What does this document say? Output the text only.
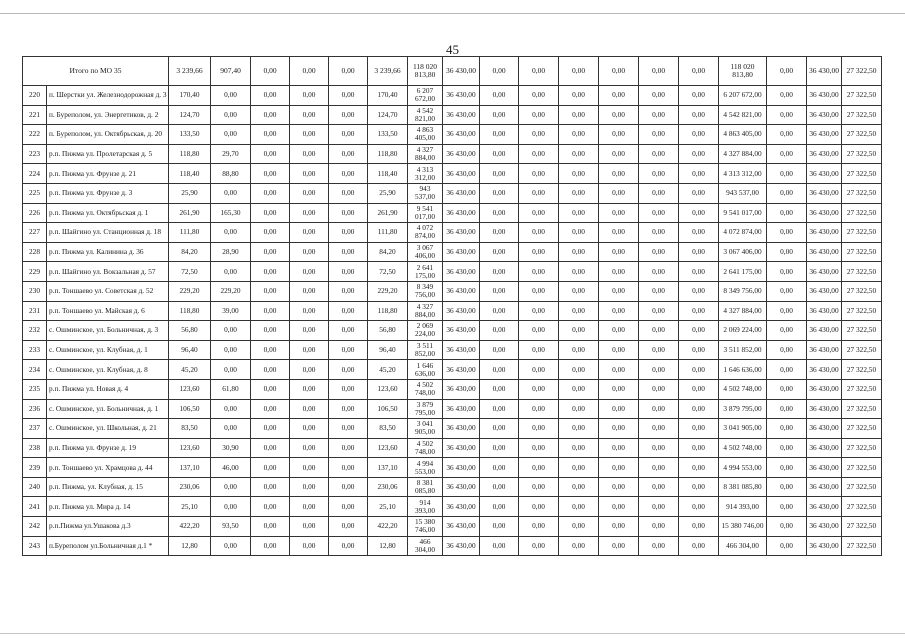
45
Итого по МО 35		3 239,66	907,40	0,00	0,00	0,00	3 239,66	118 020 813,80	36 430,00	0,00	0,00	0,00	0,00	0,00	0,00	118 020 813,80	0,00	36 430,00	27 322,50
220	п. Шерстки ул. Железнодорожная д. 3	170,40	0,00	0,00	0,00	0,00	170,40	6 207 672,00	36 430,00	0,00	0,00	0,00	0,00	0,00	0,00	6 207 672,00	0,00	36 430,00	27 322,50
221	п. Буреполом, ул. Энергетиков, д. 2	124,70	0,00	0,00	0,00	0,00	124,70	4 542 821,00	36 430,00	0,00	0,00	0,00	0,00	0,00	0,00	4 542 821,00	0,00	36 430,00	27 322,50
222	п. Буреполом, ул. Октябрьская, д. 20	133,50	0,00	0,00	0,00	0,00	133,50	4 863 405,00	36 430,00	0,00	0,00	0,00	0,00	0,00	0,00	4 863 405,00	0,00	36 430,00	27 322,50
223	р.п. Пижма ул. Пролетарская д. 5	118,80	29,70	0,00	0,00	0,00	118,80	4 327 884,00	36 430,00	0,00	0,00	0,00	0,00	0,00	0,00	4 327 884,00	0,00	36 430,00	27 322,50
224	р.п. Пижма ул. Фрунзе д. 21	118,40	88,80	0,00	0,00	0,00	118,40	4 313 312,00	36 430,00	0,00	0,00	0,00	0,00	0,00	0,00	4 313 312,00	0,00	36 430,00	27 322,50
225	р.п. Пижма ул. Фрунзе д. 3	25,90	0,00	0,00	0,00	0,00	25,90	943 537,00	36 430,00	0,00	0,00	0,00	0,00	0,00	0,00	943 537,00	0,00	36 430,00	27 322,50
226	р.п. Пижма ул. Октябрьская д. 1	261,90	165,30	0,00	0,00	0,00	261,90	9 541 017,00	36 430,00	0,00	0,00	0,00	0,00	0,00	0,00	9 541 017,00	0,00	36 430,00	27 322,50
227	р.п. Шайгино ул. Станционная д. 18	111,80	0,00	0,00	0,00	0,00	111,80	4 072 874,00	36 430,00	0,00	0,00	0,00	0,00	0,00	0,00	4 072 874,00	0,00	36 430,00	27 322,50
228	р.п. Пижма ул. Калинина д. 36	84,20	28,90	0,00	0,00	0,00	84,20	3 067 406,00	36 430,00	0,00	0,00	0,00	0,00	0,00	0,00	3 067 406,00	0,00	36 430,00	27 322,50
229	р.п. Шайгино ул. Вокзальная д. 57	72,50	0,00	0,00	0,00	0,00	72,50	2 641 175,00	36 430,00	0,00	0,00	0,00	0,00	0,00	0,00	2 641 175,00	0,00	36 430,00	27 322,50
230	р.п. Тоншаево ул. Советская д. 52	229,20	229,20	0,00	0,00	0,00	229,20	8 349 756,00	36 430,00	0,00	0,00	0,00	0,00	0,00	0,00	8 349 756,00	0,00	36 430,00	27 322,50
231	р.п. Тоншаево ул. Майская д. 6	118,80	39,00	0,00	0,00	0,00	118,80	4 327 884,00	36 430,00	0,00	0,00	0,00	0,00	0,00	0,00	4 327 884,00	0,00	36 430,00	27 322,50
232	с. Ошминское, ул. Больничная, д. 3	56,80	0,00	0,00	0,00	0,00	56,80	2 069 224,00	36 430,00	0,00	0,00	0,00	0,00	0,00	0,00	2 069 224,00	0,00	36 430,00	27 322,50
233	с. Ошминское, ул. Клубная, д. 1	96,40	0,00	0,00	0,00	0,00	96,40	3 511 852,00	36 430,00	0,00	0,00	0,00	0,00	0,00	0,00	3 511 852,00	0,00	36 430,00	27 322,50
234	с. Ошминское, ул. Клубная, д. 8	45,20	0,00	0,00	0,00	0,00	45,20	1 646 636,00	36 430,00	0,00	0,00	0,00	0,00	0,00	0,00	1 646 636,00	0,00	36 430,00	27 322,50
235	р.п. Пижма ул. Новая д. 4	123,60	61,80	0,00	0,00	0,00	123,60	4 502 748,00	36 430,00	0,00	0,00	0,00	0,00	0,00	0,00	4 502 748,00	0,00	36 430,00	27 322,50
236	с. Ошминское, ул. Больничная, д. 1	106,50	0,00	0,00	0,00	0,00	106,50	3 879 795,00	36 430,00	0,00	0,00	0,00	0,00	0,00	0,00	3 879 795,00	0,00	36 430,00	27 322,50
237	с. Ошминское, ул. Школьная, д. 21	83,50	0,00	0,00	0,00	0,00	83,50	3 041 905,00	36 430,00	0,00	0,00	0,00	0,00	0,00	0,00	3 041 905,00	0,00	36 430,00	27 322,50
238	р.п. Пижма ул. Фрунзе д. 19	123,60	30,90	0,00	0,00	0,00	123,60	4 502 748,00	36 430,00	0,00	0,00	0,00	0,00	0,00	0,00	4 502 748,00	0,00	36 430,00	27 322,50
239	р.п. Тоншаево ул. Храмцова д. 44	137,10	46,00	0,00	0,00	0,00	137,10	4 994 553,00	36 430,00	0,00	0,00	0,00	0,00	0,00	0,00	4 994 553,00	0,00	36 430,00	27 322,50
240	р.п. Пижма, ул. Клубная, д. 15	230,06	0,00	0,00	0,00	0,00	230,06	8 381 085,80	36 430,00	0,00	0,00	0,00	0,00	0,00	0,00	8 381 085,80	0,00	36 430,00	27 322,50
241	р.п. Пижма ул. Мира д. 14	25,10	0,00	0,00	0,00	0,00	25,10	914 393,00	36 430,00	0,00	0,00	0,00	0,00	0,00	0,00	914 393,00	0,00	36 430,00	27 322,50
242	р.п.Пижма ул.Ушакова д.3	422,20	93,50	0,00	0,00	0,00	422,20	15 380 746,00	36 430,00	0,00	0,00	0,00	0,00	0,00	0,00	15 380 746,00	0,00	36 430,00	27 322,50
243	п.Буреполом ул.Больничная д.1 *	12,80	0,00	0,00	0,00	0,00	12,80	466 304,00	36 430,00	0,00	0,00	0,00	0,00	0,00	0,00	466 304,00	0,00	36 430,00	27 322,50
